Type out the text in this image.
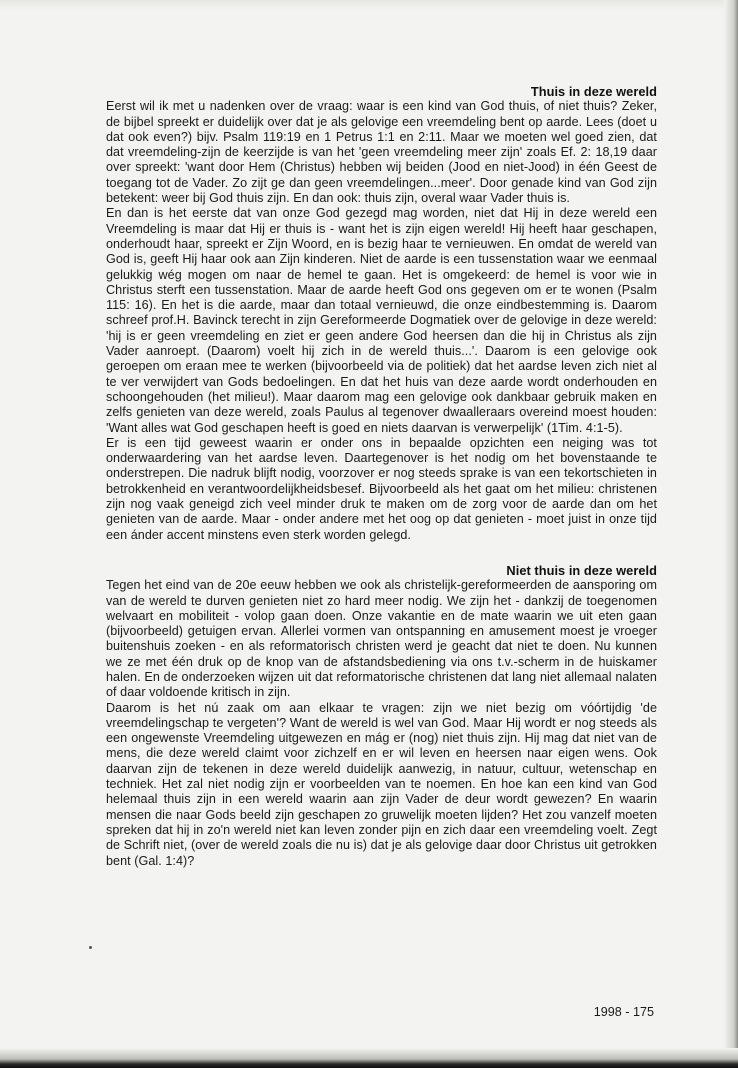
Thuis in deze wereld

Eerst wil ik met u nadenken over de vraag: waar is een kind van God thuis, of niet thuis? Zeker, de bijbel spreekt er duidelijk over dat je als gelovige een vreemdeling bent op aarde. Lees (doet u dat ook even?) bijv. Psalm 119:19 en 1 Petrus 1:1 en 2:11. Maar we moeten wel goed zien, dat dat vreemdeling-zijn de keerzijde is van het 'geen vreemdeling meer zijn' zoals Ef. 2: 18,19 daar over spreekt: 'want door Hem (Christus) hebben wij beiden (Jood en niet-Jood) in één Geest de toegang tot de Vader. Zo zijt ge dan geen vreemdelingen...meer'. Door genade kind van God zijn betekent: weer bij God thuis zijn. En dan ook: thuis zijn, overal waar Vader thuis is.

En dan is het eerste dat van onze God gezegd mag worden, niet dat Hij in deze wereld een Vreemdeling is maar dat Hij er thuis is - want het is zijn eigen wereld! Hij heeft haar geschapen, onderhoudt haar, spreekt er Zijn Woord, en is bezig haar te vernieuwen. En omdat de wereld van God is, geeft Hij haar ook aan Zijn kinderen. Niet de aarde is een tussenstation waar we eenmaal gelukkig wég mogen om naar de hemel te gaan. Het is omgekeerd: de hemel is voor wie in Christus sterft een tussenstation. Maar de aarde heeft God ons gegeven om er te wonen (Psalm 115: 16). En het is die aarde, maar dan totaal vernieuwd, die onze eindbestemming is. Daarom schreef prof.H. Bavinck terecht in zijn Gereformeerde Dogmatiek over de gelovige in deze wereld: 'hij is er geen vreemdeling en ziet er geen andere God heersen dan die hij in Christus als zijn Vader aanroept. (Daarom) voelt hij zich in de wereld thuis...'. Daarom is een gelovige ook geroepen om eraan mee te werken (bijvoorbeeld via de politiek) dat het aardse leven zich niet al te ver verwijdert van Gods bedoelingen. En dat het huis van deze aarde wordt onderhouden en schoongehouden (het milieu!). Maar daarom mag een gelovige ook dankbaar gebruik maken en zelfs genieten van deze wereld, zoals Paulus al tegenover dwaalleraars overeind moest houden: 'Want alles wat God geschapen heeft is goed en niets daarvan is verwerpelijk' (1Tim. 4:1-5).

Er is een tijd geweest waarin er onder ons in bepaalde opzichten een neiging was tot onderwaardering van het aardse leven. Daartegenover is het nodig om het bovenstaande te onderstrepen. Die nadruk blijft nodig, voorzover er nog steeds sprake is van een tekortschieten in betrokkenheid en verantwoordelijkheidsbesef. Bijvoorbeeld als het gaat om het milieu: christenen zijn nog vaak geneigd zich veel minder druk te maken om de zorg voor de aarde dan om het genieten van de aarde. Maar - onder andere met het oog op dat genieten - moet juist in onze tijd een ánder accent minstens even sterk worden gelegd.

Niet thuis in deze wereld

Tegen het eind van de 20e eeuw hebben we ook als christelijk-gereformeerden de aansporing om van de wereld te durven genieten niet zo hard meer nodig. We zijn het - dankzij de toegenomen welvaart en mobiliteit - volop gaan doen. Onze vakantie en de mate waarin we uit eten gaan (bijvoorbeeld) getuigen ervan. Allerlei vormen van ontspanning en amusement moest je vroeger buitenshuis zoeken - en als reformatorisch christen werd je geacht dat niet te doen. Nu kunnen we ze met één druk op de knop van de afstandsbediening via ons t.v.-scherm in de huiskamer halen. En de onderzoeken wijzen uit dat reformatorische christenen dat lang niet allemaal nalaten of daar voldoende kritisch in zijn.

Daarom is het nú zaak om aan elkaar te vragen: zijn we niet bezig om vóórtijdig 'de vreemdelingschap te vergeten'? Want de wereld is wel van God. Maar Hij wordt er nog steeds als een ongewenste Vreemdeling uitgewezen en mág er (nog) niet thuis zijn. Hij mag dat niet van de mens, die deze wereld claimt voor zichzelf en er wil leven en heersen naar eigen wens. Ook daarvan zijn de tekenen in deze wereld duidelijk aanwezig, in natuur, cultuur, wetenschap en techniek. Het zal niet nodig zijn er voorbeelden van te noemen. En hoe kan een kind van God helemaal thuis zijn in een wereld waarin aan zijn Vader de deur wordt gewezen? En waarin mensen die naar Gods beeld zijn geschapen zo gruwelijk moeten lijden? Het zou vanzelf moeten spreken dat hij in zo'n wereld niet kan leven zonder pijn en zich daar een vreemdeling voelt. Zegt de Schrift niet, (over de wereld zoals die nu is) dat je als gelovige daar door Christus uit getrokken bent (Gal. 1:4)?

1998 - 175
